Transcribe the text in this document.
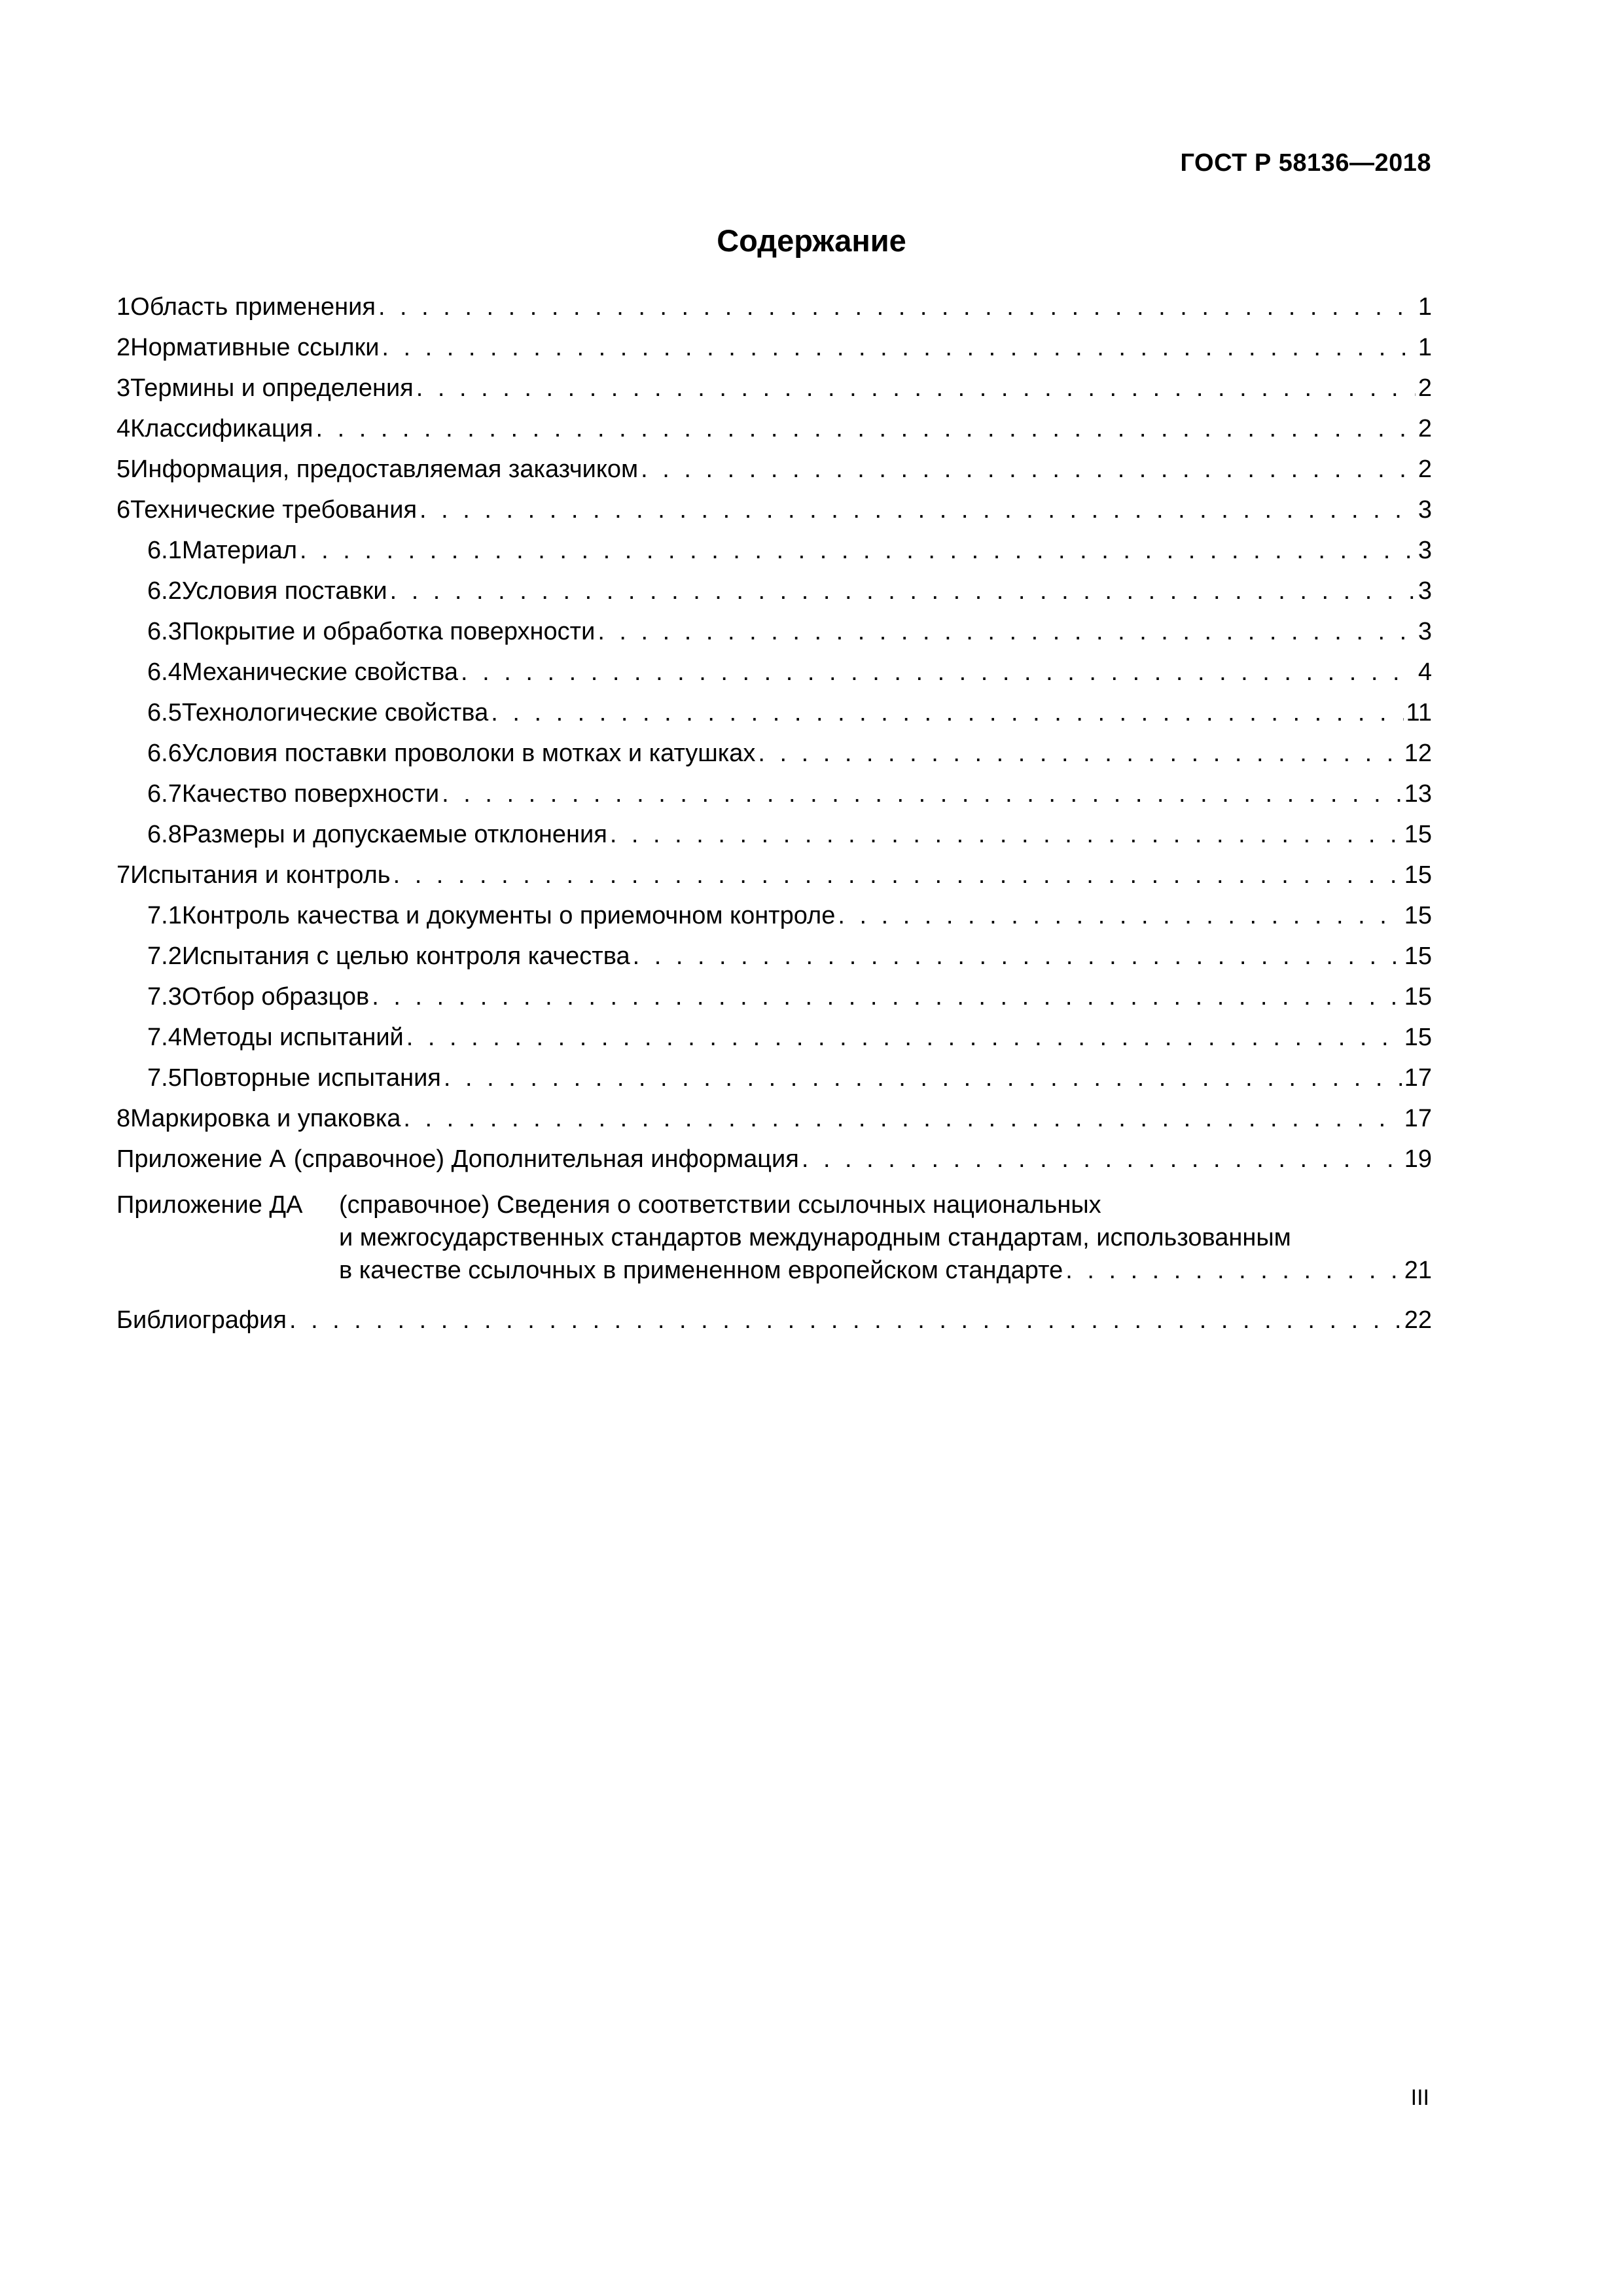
ГОСТ Р 58136—2018
Содержание
1 Область применения . . .	1
2 Нормативные ссылки . . .	1
3 Термины и определения . . .	2
4 Классификация . . .	2
5 Информация, предоставляемая заказчиком . . .	2
6 Технические требования . . .	3
6.1 Материал . . .	3
6.2 Условия поставки . . .	3
6.3 Покрытие и обработка поверхности . . .	3
6.4 Механические свойства . . .	4
6.5 Технологические свойства . . .	11
6.6 Условия поставки проволоки в мотках и катушках . . .	12
6.7 Качество поверхности . . .	13
6.8 Размеры и допускаемые отклонения . . .	15
7 Испытания и контроль . . .	15
7.1 Контроль качества и документы о приемочном контроле . . .	15
7.2 Испытания с целью контроля качества . . .	15
7.3 Отбор образцов . . .	15
7.4 Методы испытаний . . .	15
7.5 Повторные испытания . . .	17
8 Маркировка и упаковка . . .	17
Приложение А (справочное) Дополнительная информация . . .	19
Приложение ДА	(справочное) Сведения о соответствии ссылочных национальных
и межгосударственных стандартов международным стандартам, использованным
в качестве ссылочных в примененном европейском стандарте . . .	21
Библиография . . .	22
III
